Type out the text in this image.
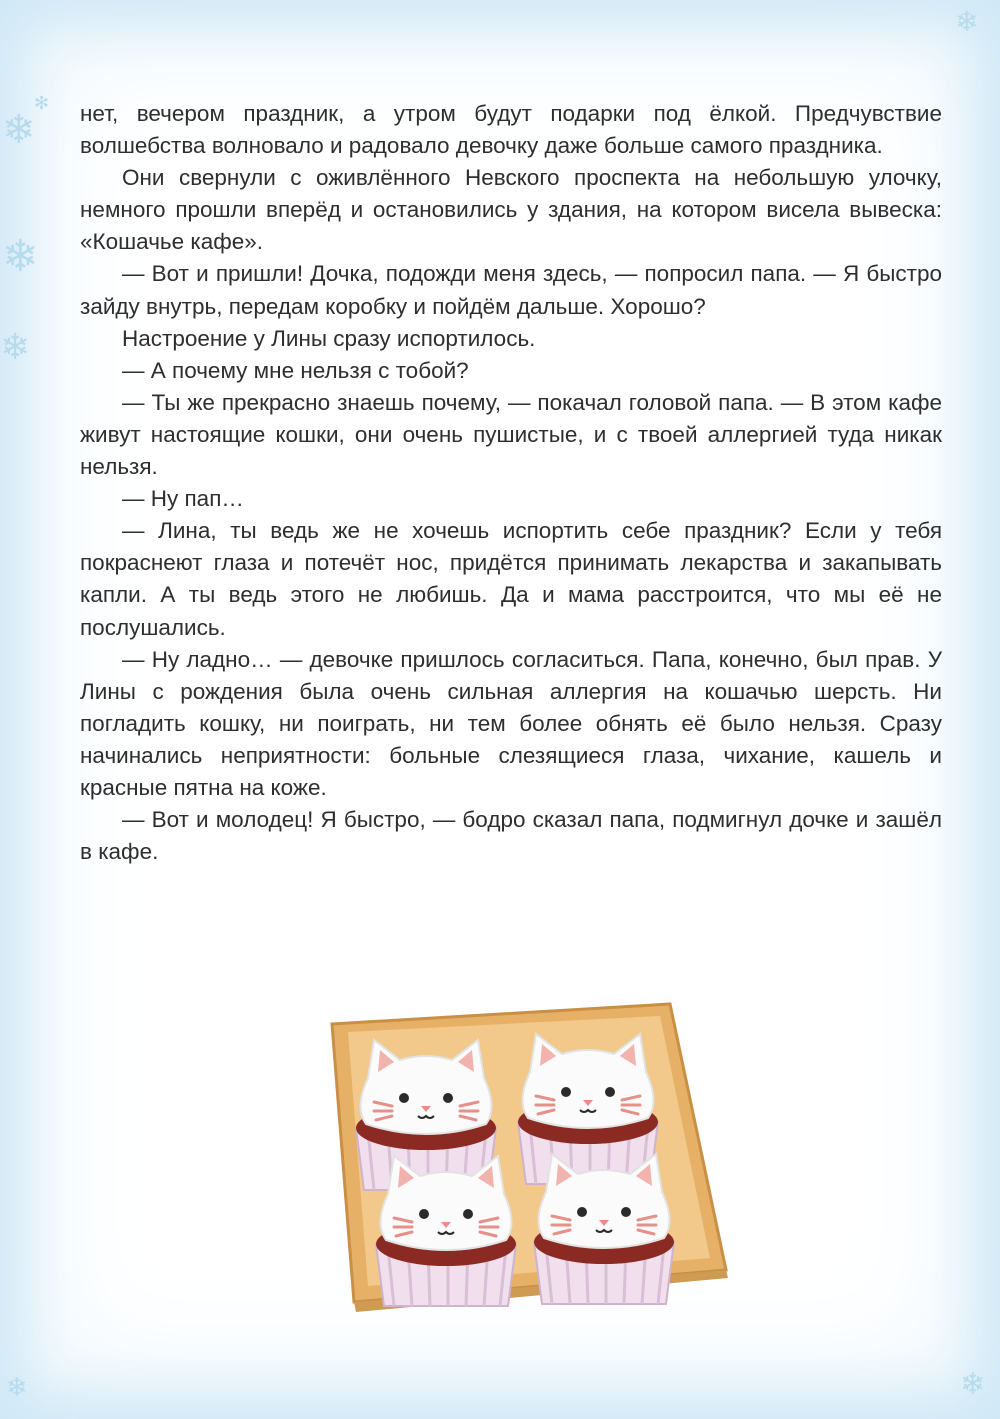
❄
❄
❄
✻
❄
❄
❄

нет, вечером праздник, а утром будут подарки под ёлкой. Предчувствие волшебства волновало и радовало девочку даже больше самого праздника.

Они свернули с оживлённого Невского проспекта на небольшую улочку, немного прошли вперёд и остановились у здания, на котором висела вывеска: «Кошачье кафе».

— Вот и пришли! Дочка, подожди меня здесь, — попросил папа. — Я быстро зайду внутрь, передам коробку и пойдём дальше. Хорошо?

Настроение у Лины сразу испортилось.

— А почему мне нельзя с тобой?

— Ты же прекрасно знаешь почему, — покачал головой папа. — В этом кафе живут настоящие кошки, они очень пушистые, и с твоей аллергией туда никак нельзя.

— Ну пап…

— Лина, ты ведь же не хочешь испортить себе праздник? Если у тебя покраснеют глаза и потечёт нос, придётся принимать лекарства и закапывать капли. А ты ведь этого не любишь. Да и мама расстроится, что мы её не послушались.

— Ну ладно… — девочке пришлось согласиться. Папа, конечно, был прав. У Лины с рождения была очень сильная аллергия на кошачью шерсть. Ни погладить кошку, ни поиграть, ни тем более обнять её было нельзя. Сразу начинались неприятности: больные слезящиеся глаза, чихание, кашель и красные пятна на коже.

— Вот и молодец! Я быстро, — бодро сказал папа, подмигнул дочке и зашёл в кафе.
